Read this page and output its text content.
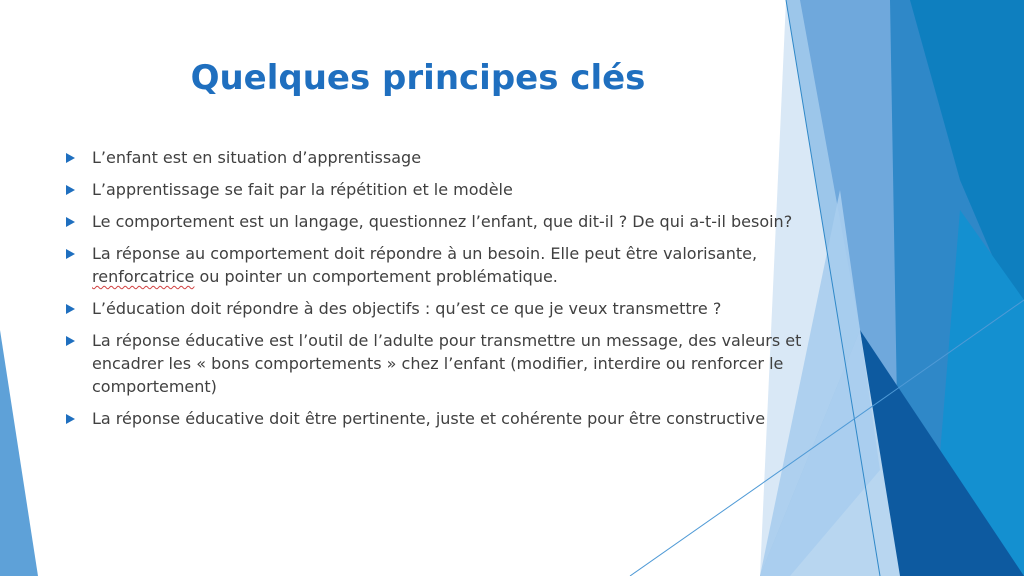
Quelques principes clés
L’enfant est en situation d’apprentissage
L’apprentissage se fait par la répétition et le modèle
Le comportement est un langage, questionnez l’enfant, que dit-il ? De qui a-t-il besoin?
La réponse au comportement doit répondre à un besoin. Elle peut être valorisante, renforcatrice ou pointer un comportement problématique.
L’éducation doit répondre à des objectifs : qu’est ce que je veux transmettre ?
La réponse éducative est l’outil de l’adulte pour transmettre un message, des valeurs et encadrer les « bons comportements » chez l’enfant (modifier, interdire ou renforcer le comportement)
La réponse éducative doit être pertinente, juste et cohérente pour être constructive
